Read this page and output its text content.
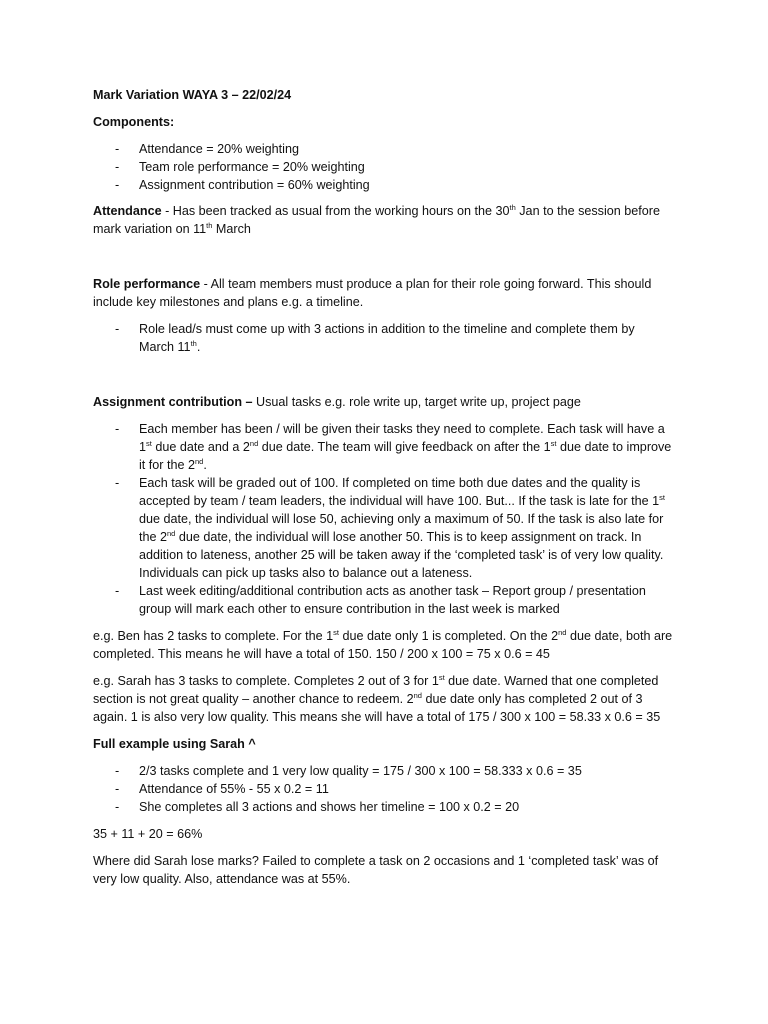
Mark Variation WAYA 3 – 22/02/24

Components:

- Attendance = 20% weighting
- Team role performance = 20% weighting
- Assignment contribution = 60% weighting

Attendance - Has been tracked as usual from the working hours on the 30th Jan to the session before mark variation on 11th March

Role performance - All team members must produce a plan for their role going forward. This should include key milestones and plans e.g. a timeline.

- Role lead/s must come up with 3 actions in addition to the timeline and complete them by March 11th.

Assignment contribution – Usual tasks e.g. role write up, target write up, project page

- Each member has been / will be given their tasks they need to complete. Each task will have a 1st due date and a 2nd due date. The team will give feedback on after the 1st due date to improve it for the 2nd.
- Each task will be graded out of 100. If completed on time both due dates and the quality is accepted by team / team leaders, the individual will have 100. But... If the task is late for the 1st due date, the individual will lose 50, achieving only a maximum of 50. If the task is also late for the 2nd due date, the individual will lose another 50. This is to keep assignment on track. In addition to lateness, another 25 will be taken away if the ‘completed task’ is of very low quality. Individuals can pick up tasks also to balance out a lateness.
- Last week editing/additional contribution acts as another task – Report group / presentation group will mark each other to ensure contribution in the last week is marked

e.g. Ben has 2 tasks to complete. For the 1st due date only 1 is completed. On the 2nd due date, both are completed. This means he will have a total of 150. 150 / 200 x 100 = 75 x 0.6 = 45

e.g. Sarah has 3 tasks to complete. Completes 2 out of 3 for 1st due date. Warned that one completed section is not great quality – another chance to redeem. 2nd due date only has completed 2 out of 3 again. 1 is also very low quality. This means she will have a total of 175 / 300 x 100 = 58.33 x 0.6 = 35

Full example using Sarah ^

- 2/3 tasks complete and 1 very low quality = 175 / 300 x 100 = 58.333 x 0.6 = 35
- Attendance of 55% - 55 x 0.2 = 11
- She completes all 3 actions and shows her timeline = 100 x 0.2 = 20

35 + 11 + 20 = 66%

Where did Sarah lose marks? Failed to complete a task on 2 occasions and 1 ‘completed task’ was of very low quality. Also, attendance was at 55%.
